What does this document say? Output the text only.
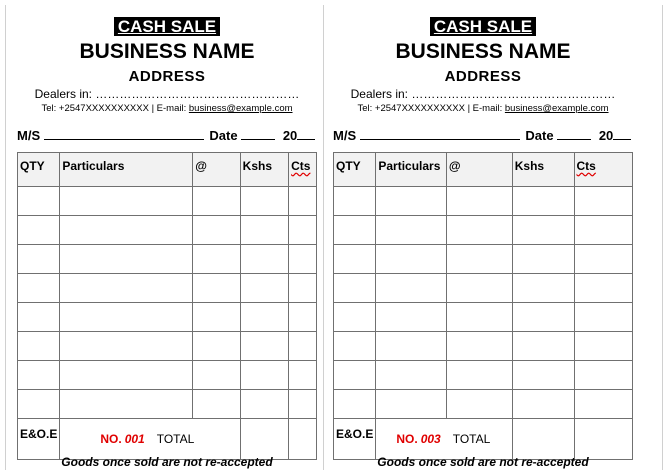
CASH SALE
BUSINESS NAME
ADDRESS
Dealers in: ……………………………………………
Tel: +2547XXXXXXXXXX | E-mail: business@example.com
M/S	Date	20
QTY	Particulars	@	Kshs	Cts

E&O.E	NO. 001 TOTAL			
Goods once sold are not re-accepted
CASH SALE
BUSINESS NAME
ADDRESS
Dealers in: ……………………………………………
Tel: +2547XXXXXXXXXX | E-mail: business@example.com
M/S	Date	20
QTY	Particulars	@	Kshs	Cts

E&O.E	NO. 003 TOTAL			
Goods once sold are not re-accepted
